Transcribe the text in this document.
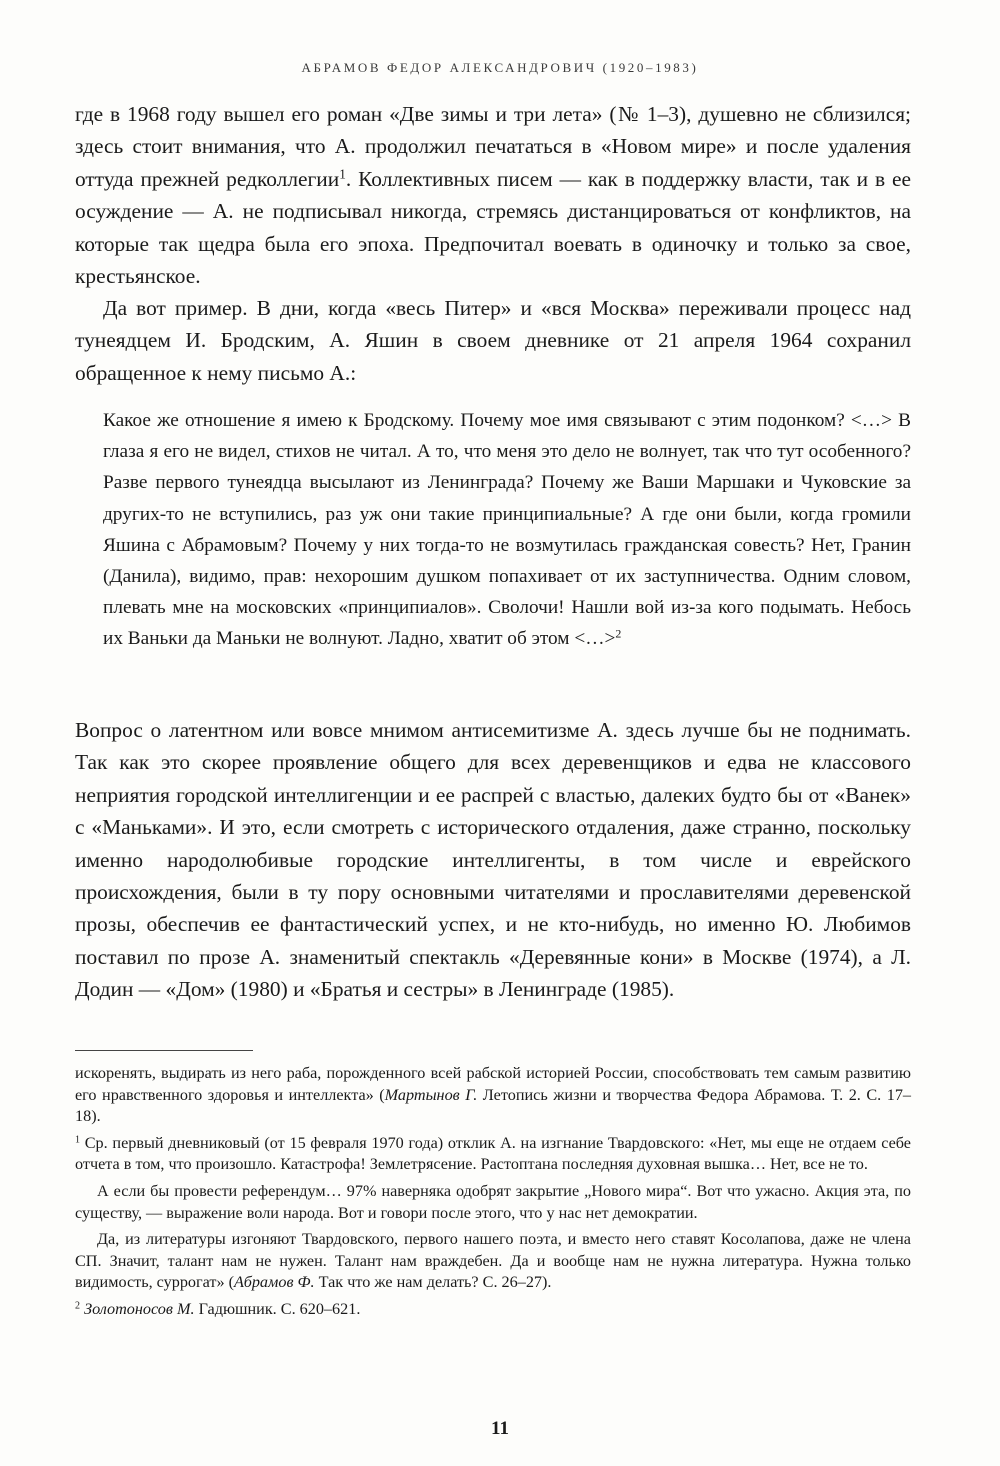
АБРАМОВ ФЕДОР АЛЕКСАНДРОВИЧ (1920–1983)

где в 1968 году вышел его роман «Две зимы и три лета» (№ 1–3), душевно не сблизился; здесь стоит внимания, что А. продолжил печататься в «Новом мире» и после удаления оттуда прежней редколлегии$^1$. Коллективных писем — как в поддержку власти, так и в ее осуждение — А. не подписывал никогда, стремясь дистанцироваться от конфликтов, на которые так щедра была его эпоха. Предпочитал воевать в одиночку и только за свое, крестьянское.

Да вот пример. В дни, когда «весь Питер» и «вся Москва» переживали процесс над тунеядцем И. Бродским, А. Яшин в своем дневнике от 21 апреля 1964 сохранил обращенное к нему письмо А.:

Какое же отношение я имею к Бродскому. Почему мое имя связывают с этим подонком? <…> В глаза я его не видел, стихов не читал. А то, что меня это дело не волнует, так что тут особенного? Разве первого тунеядца высылают из Ленинграда? Почему же Ваши Маршаки и Чуковские за других-то не вступились, раз уж они такие принципиальные? А где они были, когда громили Яшина с Абрамовым? Почему у них тогда-то не возмутилась гражданская совесть? Нет, Гранин (Данила), видимо, прав: нехорошим душком попахивает от их заступничества. Одним словом, плевать мне на московских «принципиалов». Сволочи! Нашли вой из-за кого подымать. Небось их Ваньки да Маньки не волнуют. Ладно, хватит об этом <…>$^2$

Вопрос о латентном или вовсе мнимом антисемитизме А. здесь лучше бы не поднимать. Так как это скорее проявление общего для всех деревенщиков и едва не классового неприятия городской интеллигенции и ее распрей с властью, далеких будто бы от «Ванек» с «Маньками». И это, если смотреть с исторического отдаления, даже странно, поскольку именно народолюбивые городские интеллигенты, в том числе и еврейского происхождения, были в ту пору основными читателями и прославителями деревенской прозы, обеспечив ее фантастический успех, и не кто-нибудь, но именно Ю. Любимов поставил по прозе А. знаменитый спектакль «Деревянные кони» в Москве (1974), а Л. Додин — «Дом» (1980) и «Братья и сестры» в Ленинграде (1985).

искоренять, выдирать из него раба, порожденного всей рабской историей России, способствовать тем самым развитию его нравственного здоровья и интеллекта» (Мартынов Г. Летопись жизни и творчества Федора Абрамова. Т. 2. С. 17–18).

$^1$ Ср. первый дневниковый (от 15 февраля 1970 года) отклик А. на изгнание Твардовского: «Нет, мы еще не отдаем себе отчета в том, что произошло. Катастрофа! Землетрясение. Растоптана последняя духовная вышка… Нет, все не то.

А если бы провести референдум… 97% наверняка одобрят закрытие „Нового мира“. Вот что ужасно. Акция эта, по существу, — выражение воли народа. Вот и говори после этого, что у нас нет демократии.

Да, из литературы изгоняют Твардовского, первого нашего поэта, и вместо него ставят Косолапова, даже не члена СП. Значит, талант нам не нужен. Талант нам враждебен. Да и вообще нам не нужна литература. Нужна только видимость, суррогат» (Абрамов Ф. Так что же нам делать? С. 26–27).

$^2$ Золотоносов М. Гадюшник. С. 620–621.

11
